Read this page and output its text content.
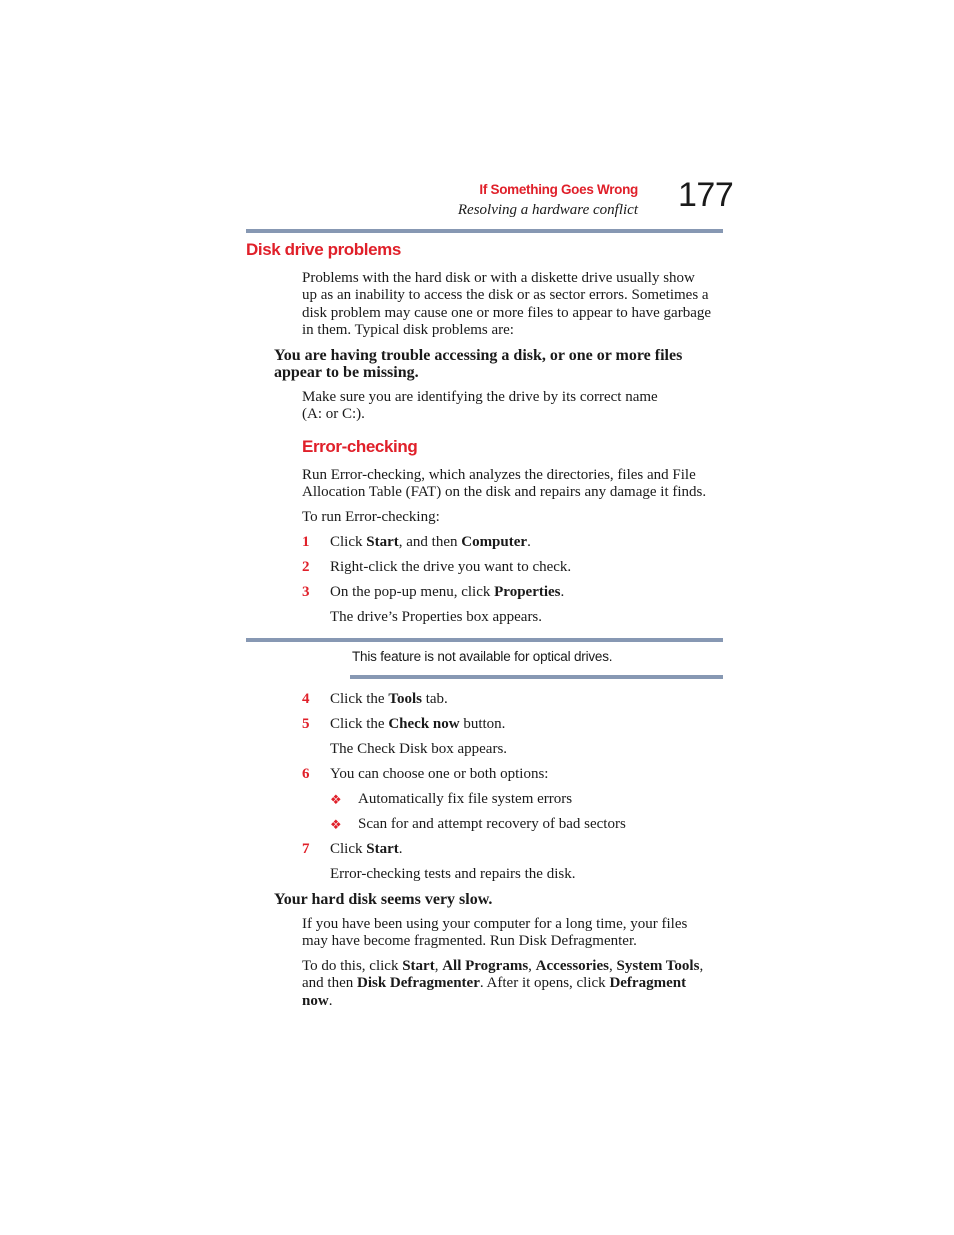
If Something Goes Wrong
Resolving a hardware conflict 177
Disk drive problems

Problems with the hard disk or with a diskette drive usually show

up as an inability to access the disk or as sector errors. Sometimes a

disk problem may cause one or more files to appear to have garbage

in them. Typical disk problems are:

You are having trouble accessing a disk, or one or more files

appear to be missing.

Make sure you are identifying the drive by its correct name

(A: or C:).

Error-checking

Run Error-checking, which analyzes the directories, files and File

Allocation Table (FAT) on the disk and repairs any damage it finds.

To run Error-checking:

1	Click Start, and then Computer.

2	Right-click the drive you want to check.

3	On the pop-up menu, click Properties.

The drive’s Properties box appears.

This feature is not available for optical drives.
4	Click the Tools tab.

5	Click the Check now button.

The Check Disk box appears.

6	You can choose one or both options:

❖ Automatically fix file system errors

❖ Scan for and attempt recovery of bad sectors

7	Click Start.

Error-checking tests and repairs the disk.

Your hard disk seems very slow.

If you have been using your computer for a long time, your files

may have become fragmented. Run Disk Defragmenter.

To do this, click Start, All Programs, Accessories, System Tools,

and then Disk Defragmenter. After it opens, click Defragment

now.
